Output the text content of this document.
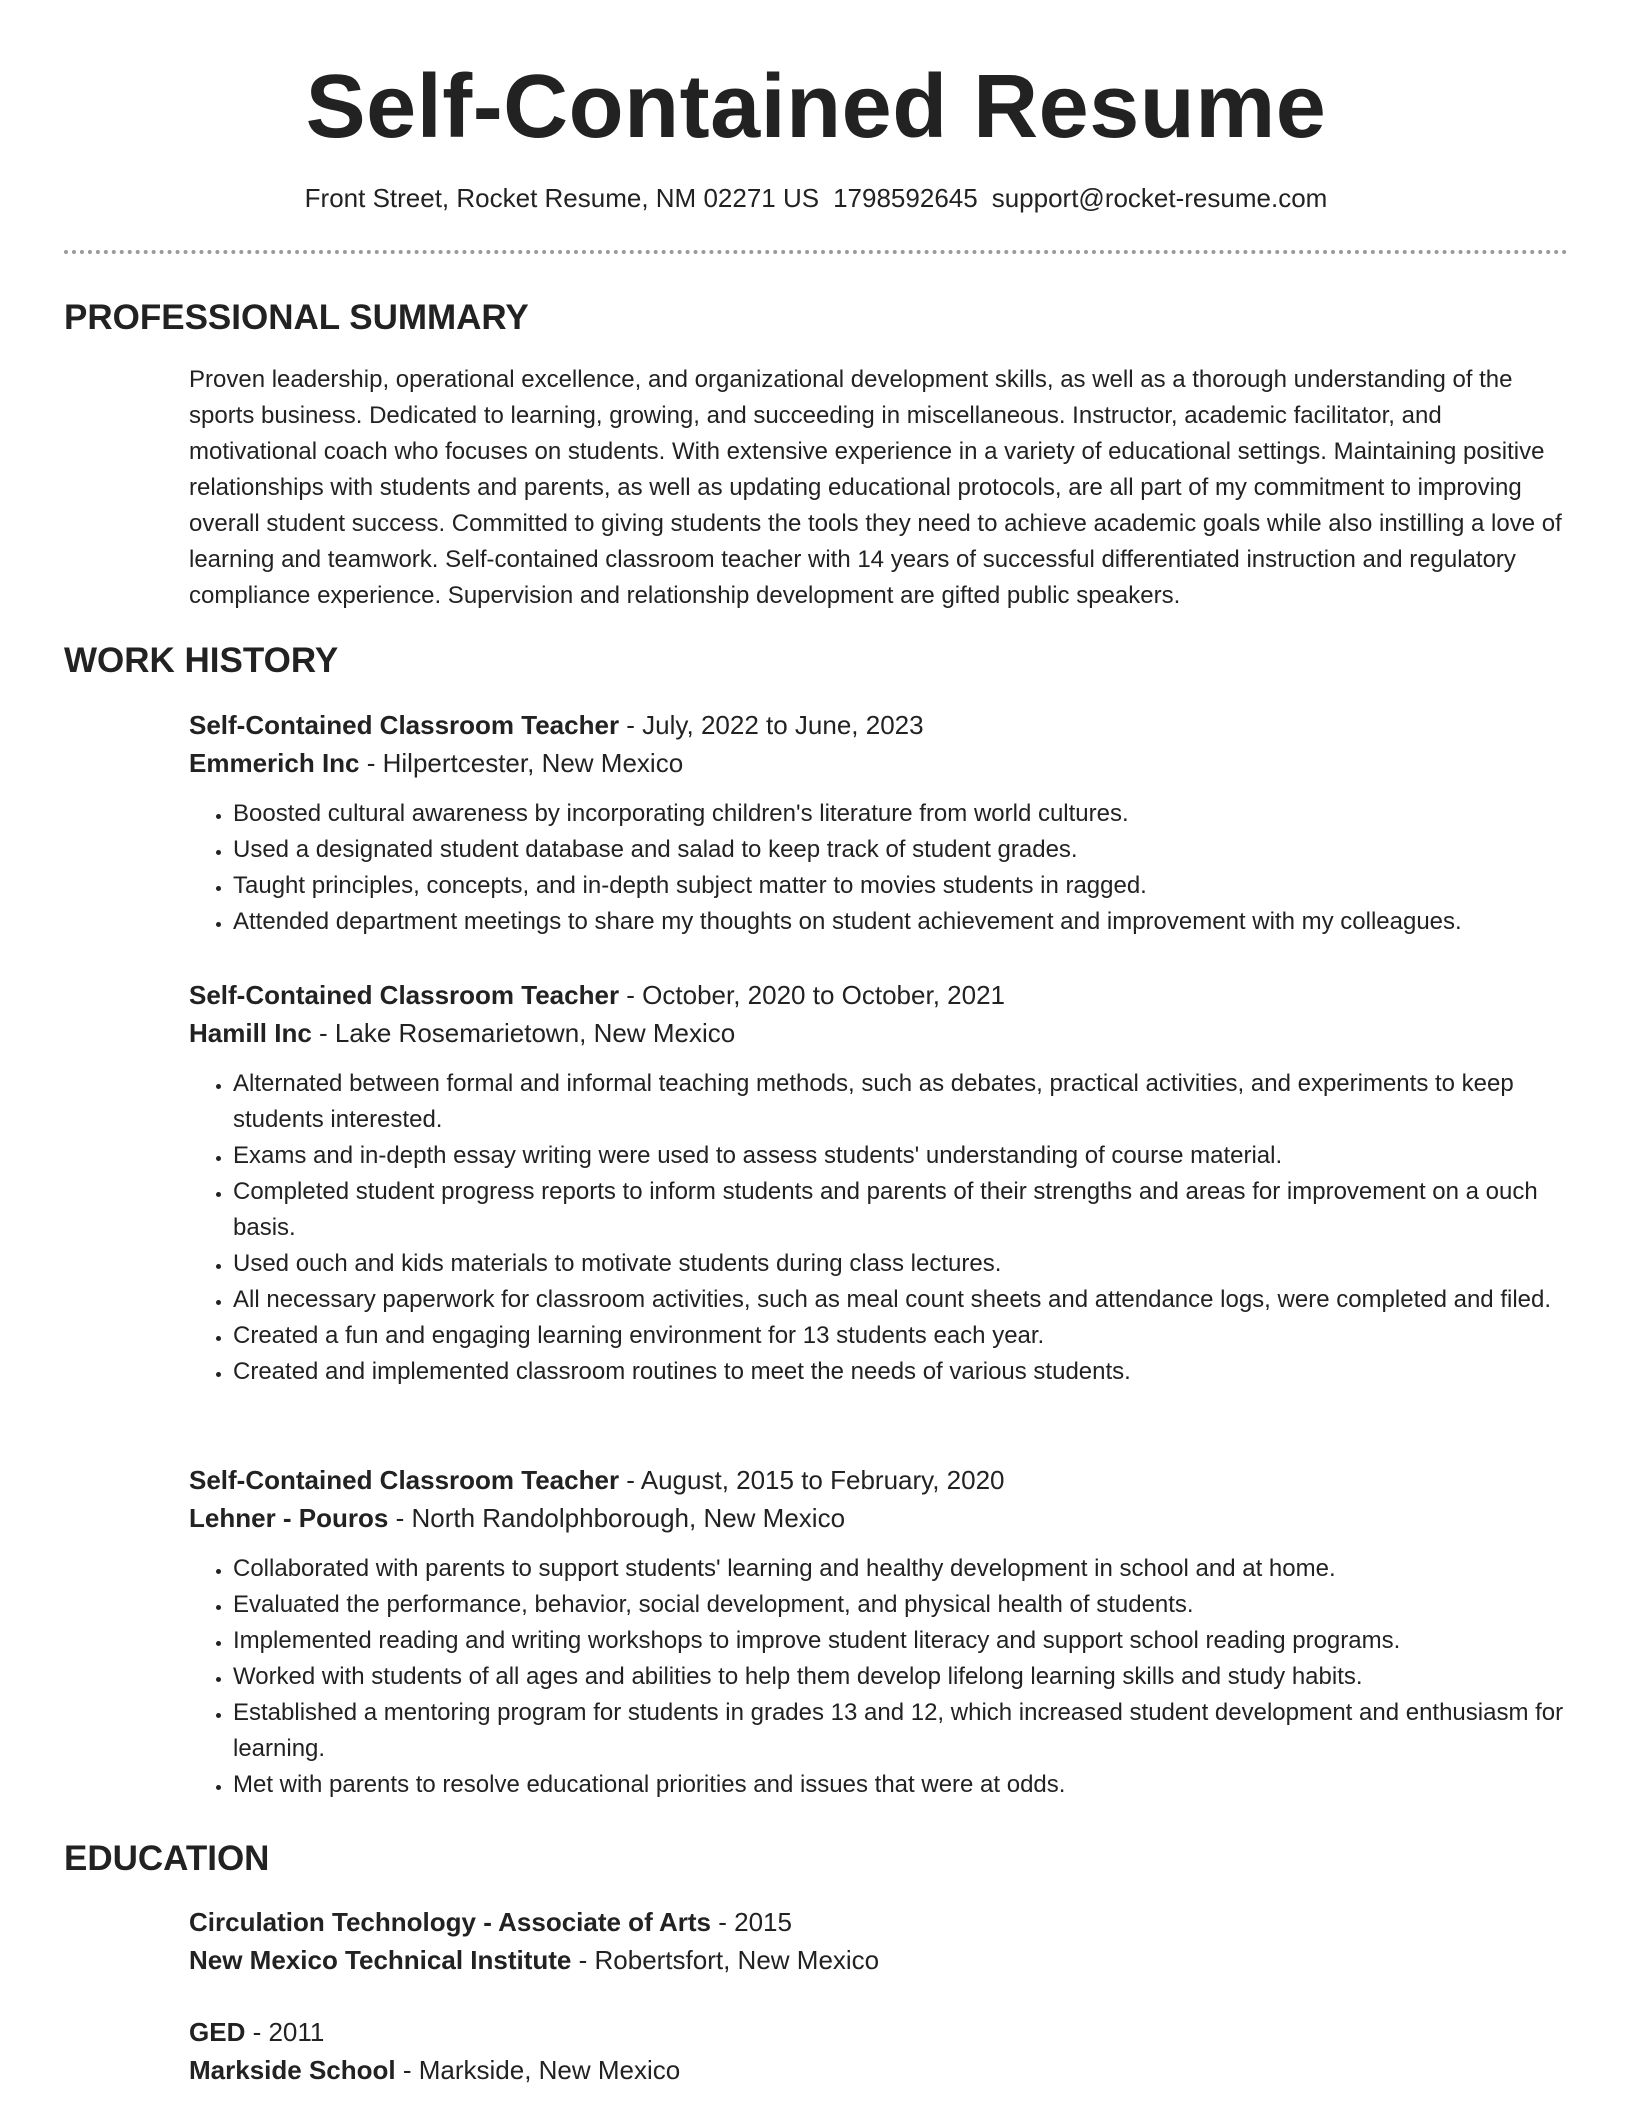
Self-Contained Resume
Front Street, Rocket Resume, NM 02271 US 1798592645 support@rocket-resume.com
PROFESSIONAL SUMMARY
Proven leadership, operational excellence, and organizational development skills, as well as a thorough understanding of the sports business. Dedicated to learning, growing, and succeeding in miscellaneous. Instructor, academic facilitator, and motivational coach who focuses on students. With extensive experience in a variety of educational settings. Maintaining positive relationships with students and parents, as well as updating educational protocols, are all part of my commitment to improving overall student success. Committed to giving students the tools they need to achieve academic goals while also instilling a love of learning and teamwork. Self-contained classroom teacher with 14 years of successful differentiated instruction and regulatory compliance experience. Supervision and relationship development are gifted public speakers.
WORK HISTORY
Self-Contained Classroom Teacher - July, 2022 to June, 2023
Emmerich Inc - Hilpertcester, New Mexico
• Boosted cultural awareness by incorporating children's literature from world cultures.
• Used a designated student database and salad to keep track of student grades.
• Taught principles, concepts, and in-depth subject matter to movies students in ragged.
• Attended department meetings to share my thoughts on student achievement and improvement with my colleagues.
Self-Contained Classroom Teacher - October, 2020 to October, 2021
Hamill Inc - Lake Rosemarietown, New Mexico
• Alternated between formal and informal teaching methods, such as debates, practical activities, and experiments to keep students interested.
• Exams and in-depth essay writing were used to assess students' understanding of course material.
• Completed student progress reports to inform students and parents of their strengths and areas for improvement on a ouch basis.
• Used ouch and kids materials to motivate students during class lectures.
• All necessary paperwork for classroom activities, such as meal count sheets and attendance logs, were completed and filed.
• Created a fun and engaging learning environment for 13 students each year.
• Created and implemented classroom routines to meet the needs of various students.
Self-Contained Classroom Teacher - August, 2015 to February, 2020
Lehner - Pouros - North Randolphborough, New Mexico
• Collaborated with parents to support students' learning and healthy development in school and at home.
• Evaluated the performance, behavior, social development, and physical health of students.
• Implemented reading and writing workshops to improve student literacy and support school reading programs.
• Worked with students of all ages and abilities to help them develop lifelong learning skills and study habits.
• Established a mentoring program for students in grades 13 and 12, which increased student development and enthusiasm for learning.
• Met with parents to resolve educational priorities and issues that were at odds.
EDUCATION
Circulation Technology - Associate of Arts - 2015
New Mexico Technical Institute - Robertsfort, New Mexico
GED - 2011
Markside School - Markside, New Mexico
